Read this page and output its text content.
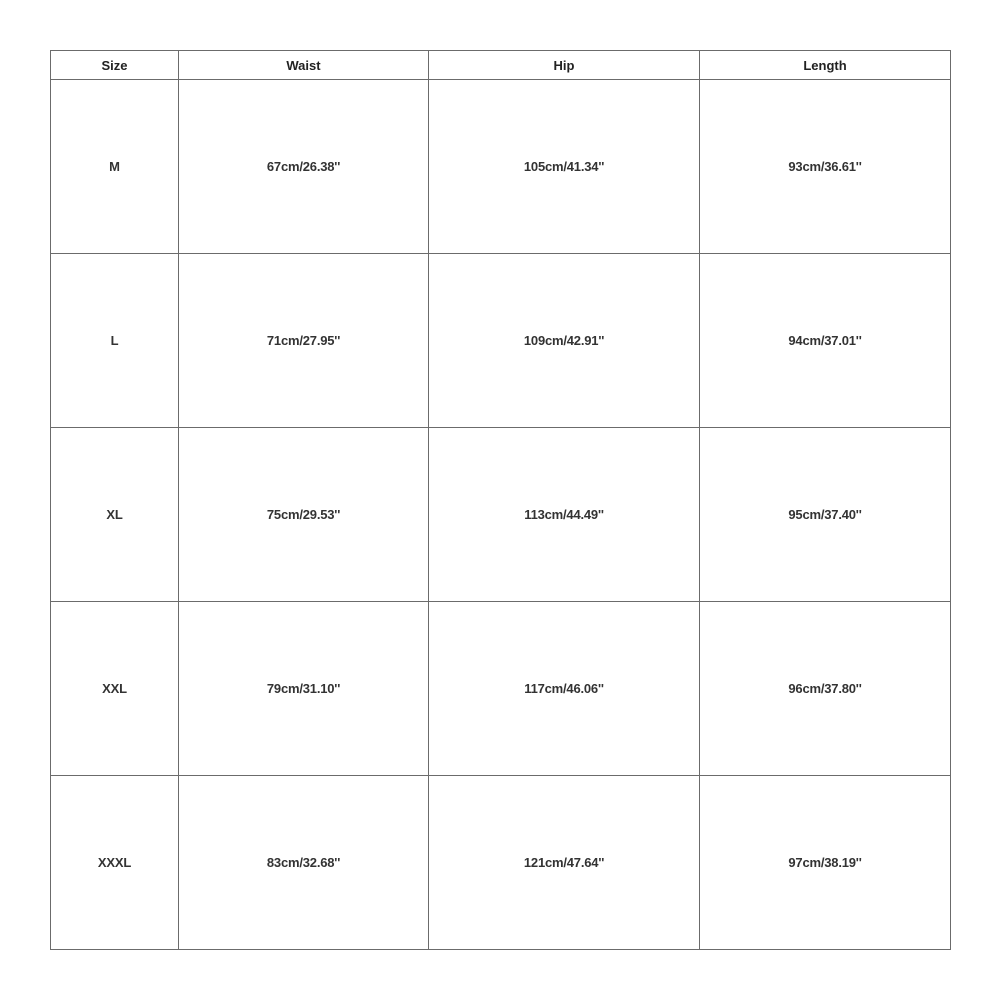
Size	Waist	Hip	Length
M	67cm/26.38''	105cm/41.34''	93cm/36.61''
L	71cm/27.95''	109cm/42.91''	94cm/37.01''
XL	75cm/29.53''	113cm/44.49''	95cm/37.40''
XXL	79cm/31.10''	117cm/46.06''	96cm/37.80''
XXXL	83cm/32.68''	121cm/47.64''	97cm/38.19''
